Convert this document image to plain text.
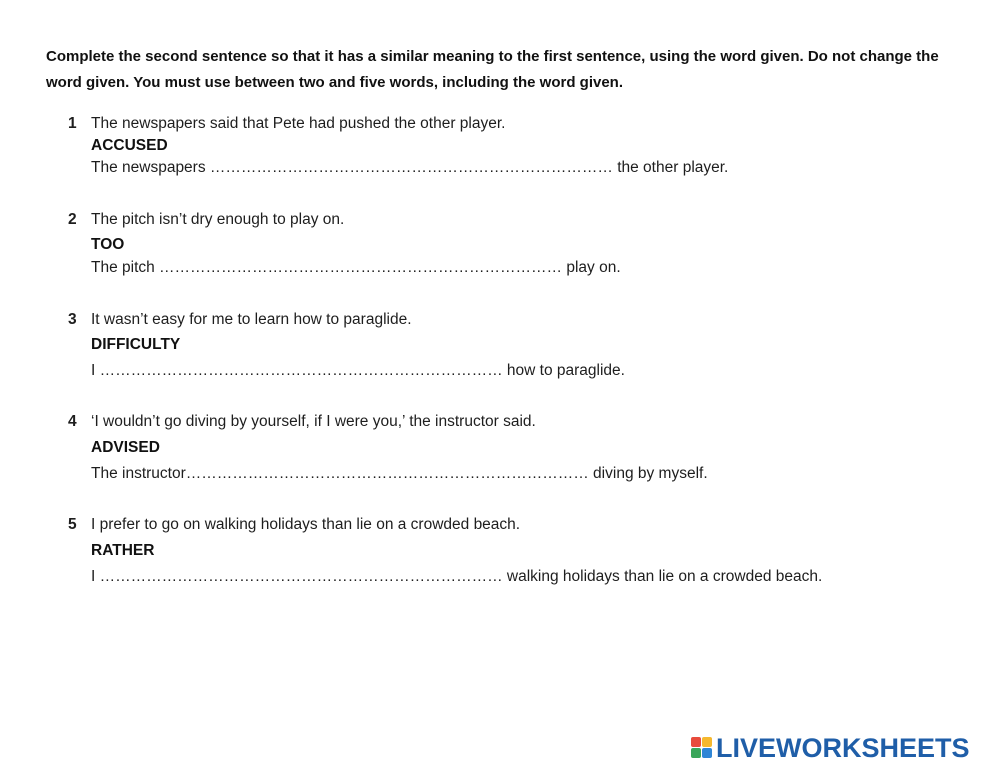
Complete the second sentence so that it has a similar meaning to the first sentence, using the word given. Do not change the word given. You must use between two and five words, including the word given.
1 The newspapers said that Pete had pushed the other player.
ACCUSED
The newspapers …………………………………………………………………… the other player.
2 The pitch isn’t dry enough to play on.
TOO
The pitch …………………………………………………………………… play on.
3 It wasn’t easy for me to learn how to paraglide.
DIFFICULTY
I …………………………………………………………………… how to paraglide.
4 ‘I wouldn’t go diving by yourself, if I were you,’ the instructor said.
ADVISED
The instructor…………………………………………………………………… diving by myself.
5 I prefer to go on walking holidays than lie on a crowded beach.
RATHER
I …………………………………………………………………… walking holidays than lie on a crowded beach.
LIVEWORKSHEETS
